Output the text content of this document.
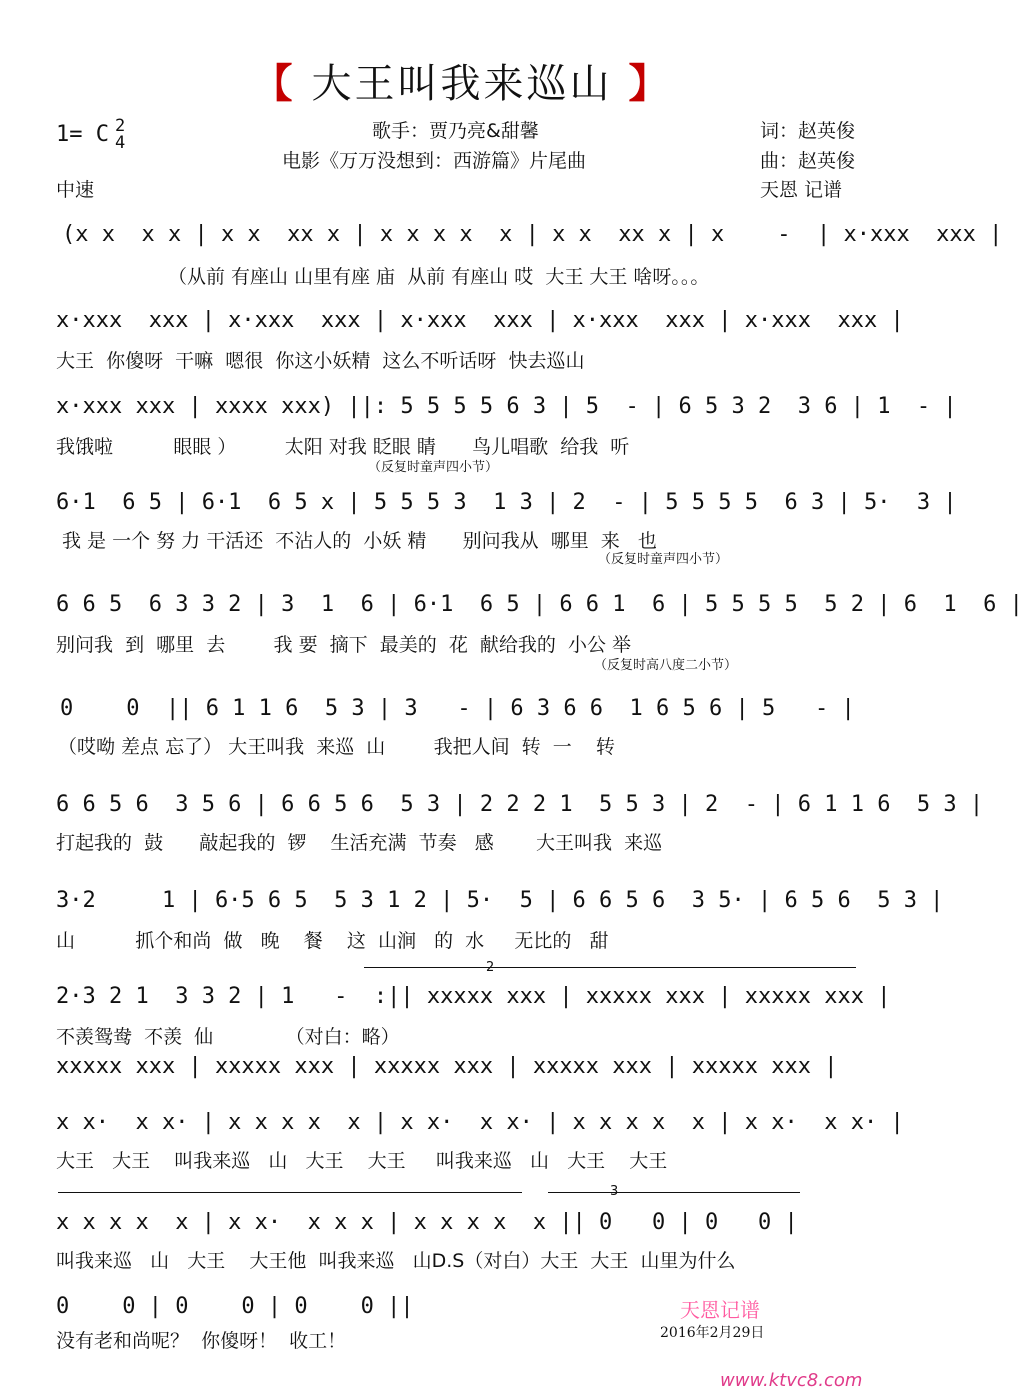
【 大王叫我来巡山 】
歌手：贾乃亮&甜馨
电影《万万没想到：西游篇》片尾曲
词：赵英俊
曲：赵英俊
天恩 记谱
1= C 2
4
中速
(x x  x x | x x  xx x | x x x x  x | x x  xx x | x    -  | x·xxx  xxx |
（从前 有座山 山里有座 庙  从前 有座山 哎  大王 大王 啥呀。。。
x·xxx  xxx | x·xxx  xxx | x·xxx  xxx | x·xxx  xxx | x·xxx  xxx |
大王  你傻呀  干嘛  嗯很  你这小妖精  这么不听话呀  快去巡山
x·xxx xxx | xxxx xxx) ||: 5 5 5 5 6 3 | 5  - | 6 5 3 2  3 6 | 1  - |
我饿啦          眼眼 ）        太阳 对我 眨眼 睛      鸟儿唱歌  给我  听
（反复时童声四小节）
6·1  6 5 | 6·1  6 5 x | 5 5 5 3  1 3 | 2  - | 5 5 5 5  6 3 | 5·  3 |
我 是 一个 努 力 干活还  不沾人的  小妖 精      别问我从  哪里  来   也
（反复时童声四小节）
6 6 5  6 3 3 2 | 3  1  6 | 6·1  6 5 | 6 6 1  6 | 5 5 5 5  5 2 | 6  1  6 |
别问我  到  哪里  去        我 要  摘下  最美的  花  献给我的  小公 举
（反复时高八度二小节）
0    0  || 6 1 1 6  5 3 | 3   - | 6 3 6 6  1 6 5 6 | 5   - |
（哎呦 差点 忘了） 大王叫我  来巡  山        我把人间  转  一    转
6 6 5 6  3 5 6 | 6 6 5 6  5 3 | 2 2 2 1  5 5 3 | 2  - | 6 1 1 6  5 3 |
打起我的  鼓      敲起我的  锣    生活充满  节奏   感       大王叫我  来巡
3·2     1 | 6·5 6 5  5 3 1 2 | 5·  5 | 6 6 5 6  3 5· | 6 5 6  5 3 |
山          抓个和尚  做   晚    餐    这  山涧   的  水     无比的   甜
2
2·3 2 1  3 3 2 | 1   -  :|| xxxxx xxx | xxxxx xxx | xxxxx xxx |
不羡鸳鸯  不羡  仙            （对白：略）
xxxxx xxx | xxxxx xxx | xxxxx xxx | xxxxx xxx | xxxxx xxx |
x x·  x x· | x x x x  x | x x·  x x· | x x x x  x | x x·  x x· |
大王   大王    叫我来巡   山   大王    大王     叫我来巡   山   大王    大王
3
x x x x  x | x x·  x x x | x x x x  x || 0   0 | 0   0 |
叫我来巡   山   大王    大王他  叫我来巡   山D.S（对白）大王  大王  山里为什么
0    0 | 0    0 | 0    0 ||
没有老和尚呢？  你傻呀！  收工！
天恩记谱
2016年2月29日
www.ktvc8.com
